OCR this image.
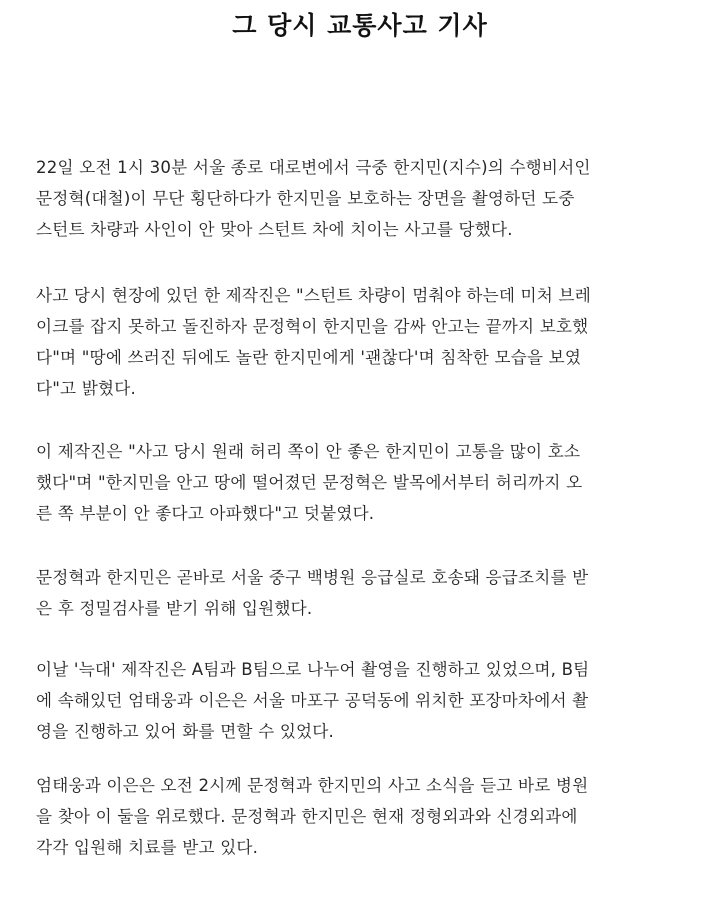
그 당시 교통사고 기사

22일 오전 1시 30분 서울 종로 대로변에서 극중 한지민(지수)의 수행비서인
문정혁(대철)이 무단 횡단하다가 한지민을 보호하는 장면을 촬영하던 도중
스턴트 차량과 사인이 안 맞아 스턴트 차에 치이는 사고를 당했다.

사고 당시 현장에 있던 한 제작진은 "스턴트 차량이 멈춰야 하는데 미처 브레
이크를 잡지 못하고 돌진하자 문정혁이 한지민을 감싸 안고는 끝까지 보호했
다"며 "땅에 쓰러진 뒤에도 놀란 한지민에게 '괜찮다'며 침착한 모습을 보였
다"고 밝혔다.

이 제작진은 "사고 당시 원래 허리 쪽이 안 좋은 한지민이 고통을 많이 호소
했다"며 "한지민을 안고 땅에 떨어졌던 문정혁은 발목에서부터 허리까지 오
른 쪽 부분이 안 좋다고 아파했다"고 덧붙였다.

문정혁과 한지민은 곧바로 서울 중구 백병원 응급실로 호송돼 응급조치를 받
은 후 정밀검사를 받기 위해 입원했다.

이날 '늑대' 제작진은 A팀과 B팀으로 나누어 촬영을 진행하고 있었으며, B팀
에 속해있던 엄태웅과 이은은 서울 마포구 공덕동에 위치한 포장마차에서 촬
영을 진행하고 있어 화를 면할 수 있었다.

엄태웅과 이은은 오전 2시께 문정혁과 한지민의 사고 소식을 듣고 바로 병원
을 찾아 이 둘을 위로했다. 문정혁과 한지민은 현재 정형외과와 신경외과에
각각 입원해 치료를 받고 있다.
